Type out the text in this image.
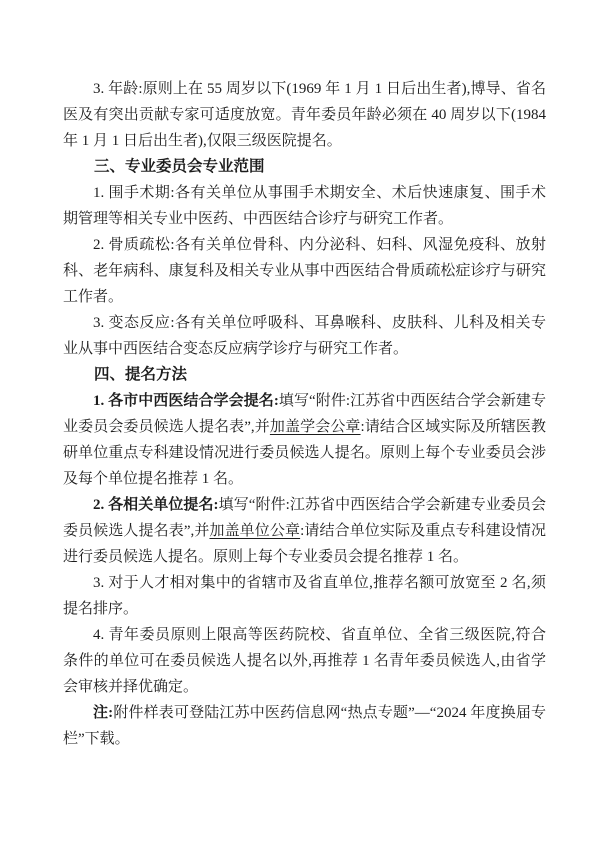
3. 年龄:原则上在 55 周岁以下(1969 年 1 月 1 日后出生者),博导、省名医及有突出贡献专家可适度放宽。青年委员年龄必须在 40 周岁以下(1984 年 1 月 1 日后出生者),仅限三级医院提名。

三、专业委员会专业范围

1. 围手术期:各有关单位从事围手术期安全、术后快速康复、围手术期管理等相关专业中医药、中西医结合诊疗与研究工作者。

2. 骨质疏松:各有关单位骨科、内分泌科、妇科、风湿免疫科、放射科、老年病科、康复科及相关专业从事中西医结合骨质疏松症诊疗与研究工作者。

3. 变态反应:各有关单位呼吸科、耳鼻喉科、皮肤科、儿科及相关专业从事中西医结合变态反应病学诊疗与研究工作者。

四、提名方法

1. 各市中西医结合学会提名:填写“附件:江苏省中西医结合学会新建专业委员会委员候选人提名表”,并加盖学会公章:请结合区域实际及所辖医教研单位重点专科建设情况进行委员候选人提名。原则上每个专业委员会涉及每个单位提名推荐 1 名。

2. 各相关单位提名:填写“附件:江苏省中西医结合学会新建专业委员会委员候选人提名表”,并加盖单位公章:请结合单位实际及重点专科建设情况进行委员候选人提名。原则上每个专业委员会提名推荐 1 名。

3. 对于人才相对集中的省辖市及省直单位,推荐名额可放宽至 2 名,须提名排序。

4. 青年委员原则上限高等医药院校、省直单位、全省三级医院,符合条件的单位可在委员候选人提名以外,再推荐 1 名青年委员候选人,由省学会审核并择优确定。

注:附件样表可登陆江苏中医药信息网“热点专题”—“2024 年度换届专栏”下载。
